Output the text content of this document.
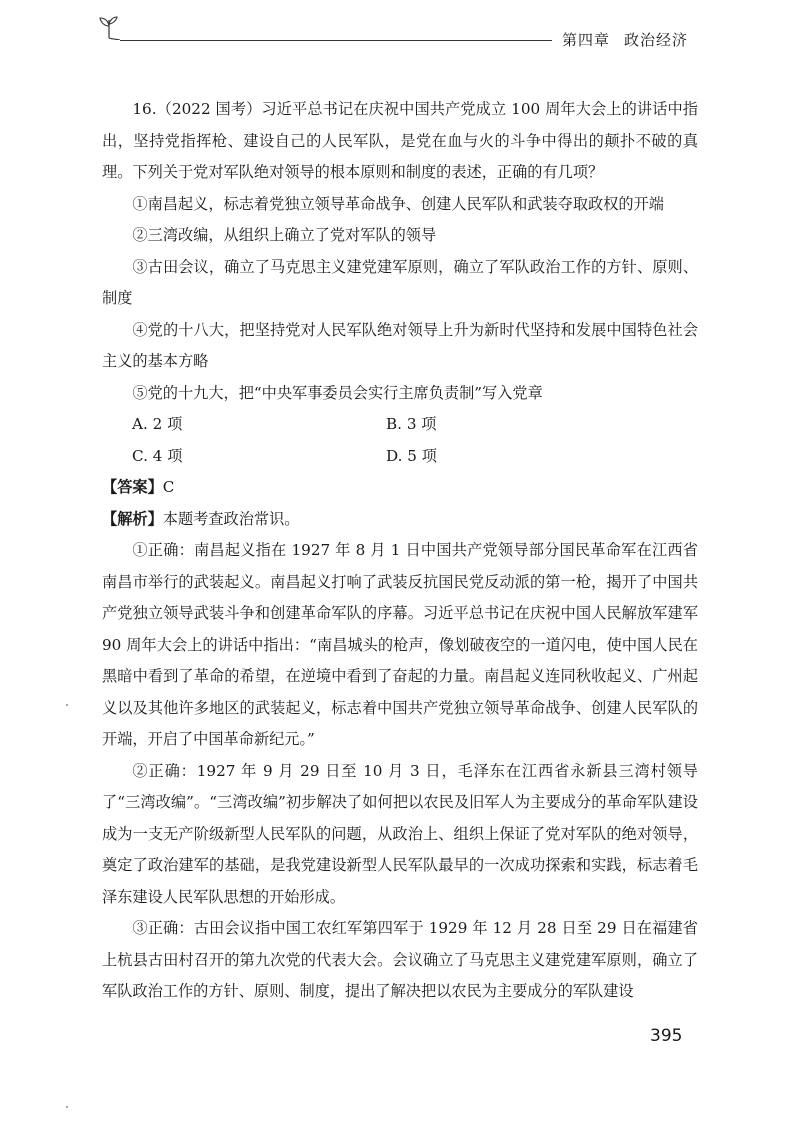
第四章 政治经济

16.（2022 国考）习近平总书记在庆祝中国共产党成立 100 周年大会上的讲话中指出，坚持党指挥枪、建设自己的人民军队，是党在血与火的斗争中得出的颠扑不破的真理。下列关于党对军队绝对领导的根本原则和制度的表述，正确的有几项？

①南昌起义，标志着党独立领导革命战争、创建人民军队和武装夺取政权的开端

②三湾改编，从组织上确立了党对军队的领导

③古田会议，确立了马克思主义建党建军原则，确立了军队政治工作的方针、原则、制度

④党的十八大，把坚持党对人民军队绝对领导上升为新时代坚持和发展中国特色社会主义的基本方略

⑤党的十九大，把“中央军事委员会实行主席负责制”写入党章

A. 2 项	B. 3 项
C. 4 项	D. 5 项

【答案】C

【解析】本题考查政治常识。

①正确：南昌起义指在 1927 年 8 月 1 日中国共产党领导部分国民革命军在江西省南昌市举行的武装起义。南昌起义打响了武装反抗国民党反动派的第一枪，揭开了中国共产党独立领导武装斗争和创建革命军队的序幕。习近平总书记在庆祝中国人民解放军建军 90 周年大会上的讲话中指出：“南昌城头的枪声，像划破夜空的一道闪电，使中国人民在黑暗中看到了革命的希望，在逆境中看到了奋起的力量。南昌起义连同秋收起义、广州起义以及其他许多地区的武装起义，标志着中国共产党独立领导革命战争、创建人民军队的开端，开启了中国革命新纪元。”

②正确：1927 年 9 月 29 日至 10 月 3 日，毛泽东在江西省永新县三湾村领导了“三湾改编”。“三湾改编”初步解决了如何把以农民及旧军人为主要成分的革命军队建设成为一支无产阶级新型人民军队的问题，从政治上、组织上保证了党对军队的绝对领导，奠定了政治建军的基础，是我党建设新型人民军队最早的一次成功探索和实践，标志着毛泽东建设人民军队思想的开始形成。

③正确：古田会议指中国工农红军第四军于 1929 年 12 月 28 日至 29 日在福建省上杭县古田村召开的第九次党的代表大会。会议确立了马克思主义建党建军原则，确立了军队政治工作的方针、原则、制度，提出了解决把以农民为主要成分的军队建设

395
